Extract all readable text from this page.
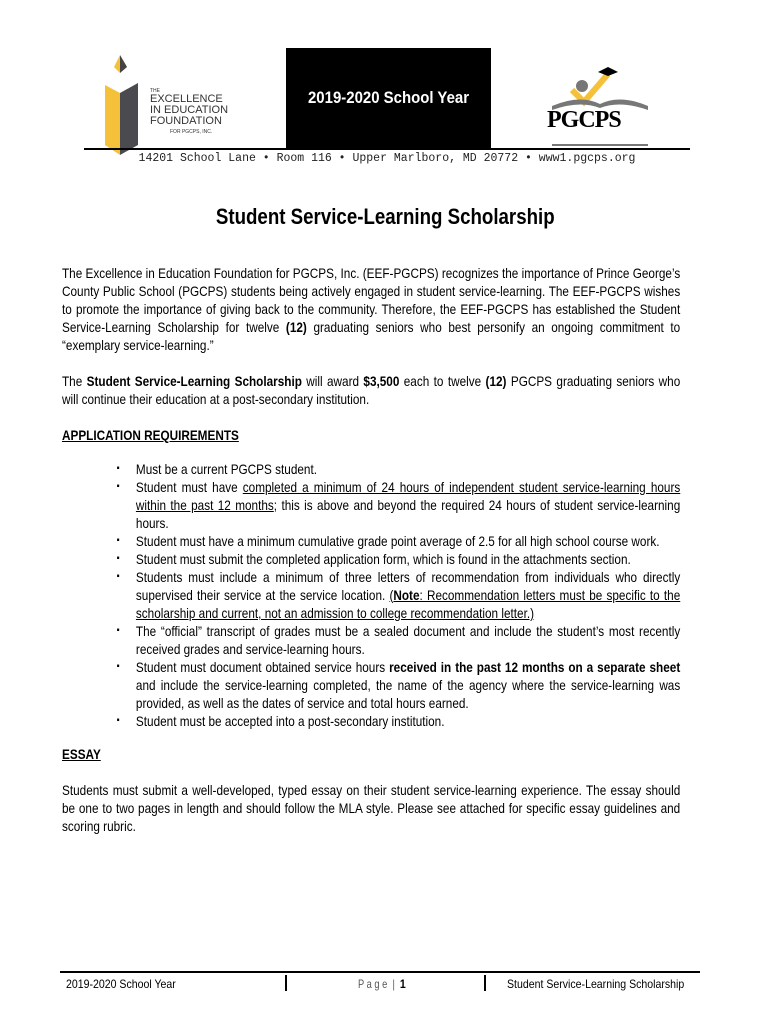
THE
EXCELLENCE
IN EDUCATION
FOUNDATION
FOR PGCPS, INC.
2019-2020 School Year
PGCPS
14201 School Lane • Room 116 • Upper Marlboro, MD 20772 • www1.pgcps.org
Student Service-Learning Scholarship

The Excellence in Education Foundation for PGCPS, Inc. (EEF-PGCPS) recognizes the importance of Prince George’s County Public School (PGCPS) students being actively engaged in student service-learning. The EEF-PGCPS wishes to promote the importance of giving back to the community. Therefore, the EEF-PGCPS has established the Student Service-Learning Scholarship for twelve (12) graduating seniors who best personify an ongoing commitment to “exemplary service-learning.”

The Student Service-Learning Scholarship will award $3,500 each to twelve (12) PGCPS graduating seniors who will continue their education at a post-secondary institution.

APPLICATION REQUIREMENTS
▪ Must be a current PGCPS student.
▪ Student must have completed a minimum of 24 hours of independent student service-learning hours within the past 12 months; this is above and beyond the required 24 hours of student service-learning hours.
▪ Student must have a minimum cumulative grade point average of 2.5 for all high school course work.
▪ Student must submit the completed application form, which is found in the attachments section.
▪ Students must include a minimum of three letters of recommendation from individuals who directly supervised their service at the service location. (Note: Recommendation letters must be specific to the scholarship and current, not an admission to college recommendation letter.)
▪ The “official” transcript of grades must be a sealed document and include the student’s most recently received grades and service-learning hours.
▪ Student must document obtained service hours received in the past 12 months on a separate sheet and include the service-learning completed, the name of the agency where the service-learning was provided, as well as the dates of service and total hours earned.
▪ Student must be accepted into a post-secondary institution.
ESSAY

Students must submit a well-developed, typed essay on their student service-learning experience. The essay should be one to two pages in length and should follow the MLA style. Please see attached for specific essay guidelines and scoring rubric.

2019-2020 School Year	P a g e  | 1	Student Service-Learning Scholarship
